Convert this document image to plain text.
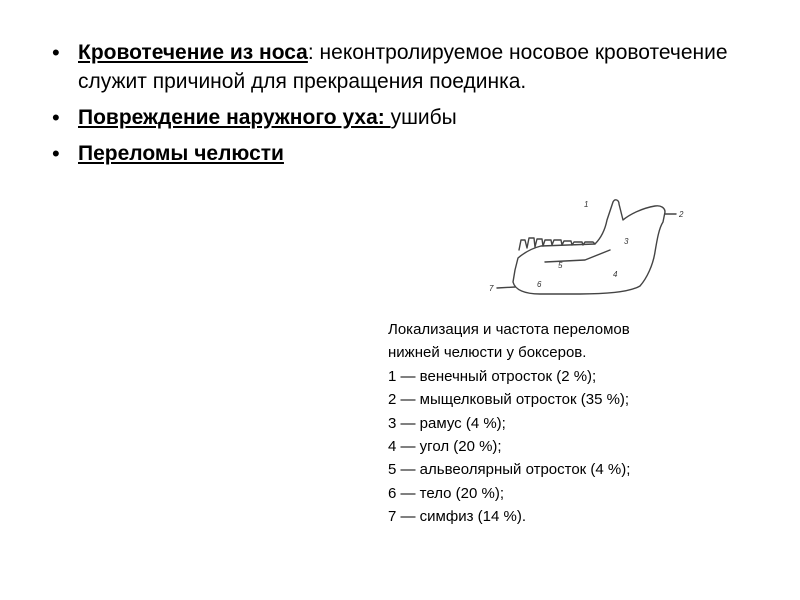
• Кровотечение из носа: неконтролируемое носовое кровотечение служит причиной для прекращения поединка.
• Повреждение наружного уха: ушибы
• Переломы челюсти
1
2
3
4
5
6
7
Локализация и частота переломов
нижней челюсти у боксеров.
1 — венечный отросток (2 %);
2 — мыщелковый отросток (35 %);
3 — рамус (4 %);
4 — угол (20 %);
5 — альвеолярный отросток (4 %);
6 — тело (20 %);
7 — симфиз (14 %).
